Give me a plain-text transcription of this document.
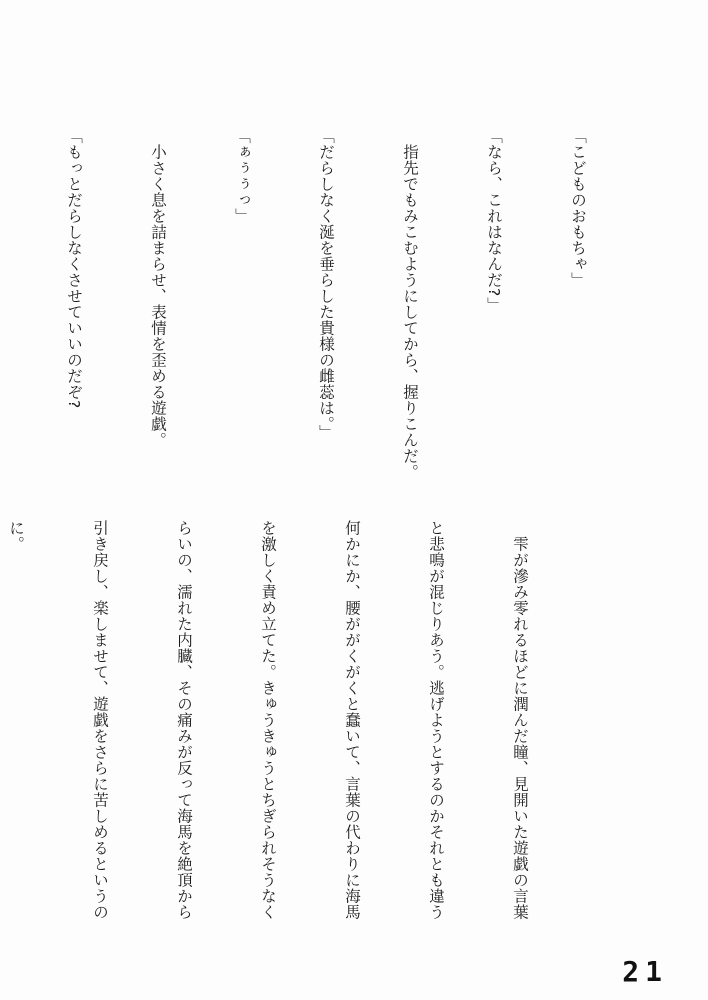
「こどものおもちゃ」

「なら、これはなんだ?」

　指先でもみこむようにしてから、握りこんだ。

「だらしなく涎を垂らした貴様の雌蕊は。」

「ぁぅぅっ」

　小さく息を詰まらせ、表情を歪める遊戯。

「もっとだらしなくさせていいのだぞ?

　雫が滲み零れるほどに潤んだ瞳、見開いた遊戯の言葉

と悲鳴が混じりあう。逃げようとするのかそれとも違う

何かにか、腰ががくがくと蠢いて、言葉の代わりに海馬

を激しく責め立てた。きゅうきゅうとちぎられそうなく

らいの、濡れた内臓、その痛みが反って海馬を絶頂から

引き戻し、楽しませて、遊戯をさらに苦しめるというの

に。

21
